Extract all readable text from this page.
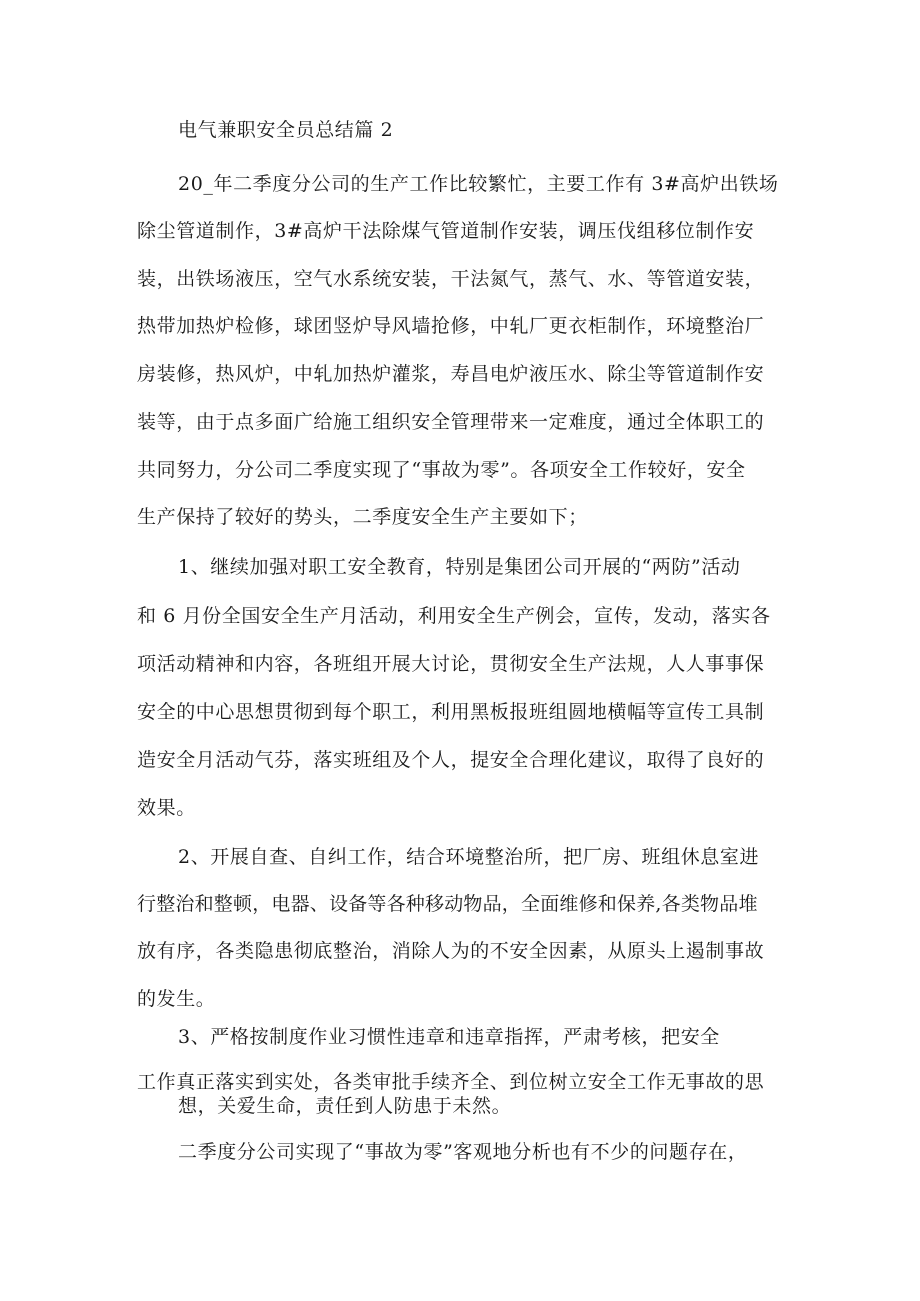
电气兼职安全员总结篇 2
20_年二季度分公司的生产工作比较繁忙，主要工作有 3#高炉出铁场
除尘管道制作，3#高炉干法除煤气管道制作安装，调压伐组移位制作安
装，出铁场液压，空气水系统安装，干法氮气，蒸气、水、等管道安装，
热带加热炉检修，球团竖炉导风墙抢修，中轧厂更衣柜制作，环境整治厂
房装修，热风炉，中轧加热炉灌浆，寿昌电炉液压水、除尘等管道制作安
装等，由于点多面广给施工组织安全管理带来一定难度，通过全体职工的
共同努力，分公司二季度实现了“事故为零”。各项安全工作较好，安全
生产保持了较好的势头，二季度安全生产主要如下；
1、继续加强对职工安全教育，特别是集团公司开展的“两防”活动
和 6 月份全国安全生产月活动，利用安全生产例会，宣传，发动，落实各
项活动精神和内容，各班组开展大讨论，贯彻安全生产法规，人人事事保
安全的中心思想贯彻到每个职工，利用黑板报班组圆地横幅等宣传工具制
造安全月活动气芬，落实班组及个人，提安全合理化建议，取得了良好的
效果。
2、开展自查、自纠工作，结合环境整治所，把厂房、班组休息室进
行整治和整顿，电器、设备等各种移动物品，全面维修和保养,各类物品堆
放有序，各类隐患彻底整治，消除人为的不安全因素，从原头上遏制事故
的发生。
3、严格按制度作业习惯性违章和违章指挥，严肃考核，把安全
工作真正落实到实处，各类审批手续齐全、到位树立安全工作无事故的思
想，关爱生命，责任到人防患于未然。
二季度分公司实现了“事故为零”客观地分析也有不少的问题存在，
